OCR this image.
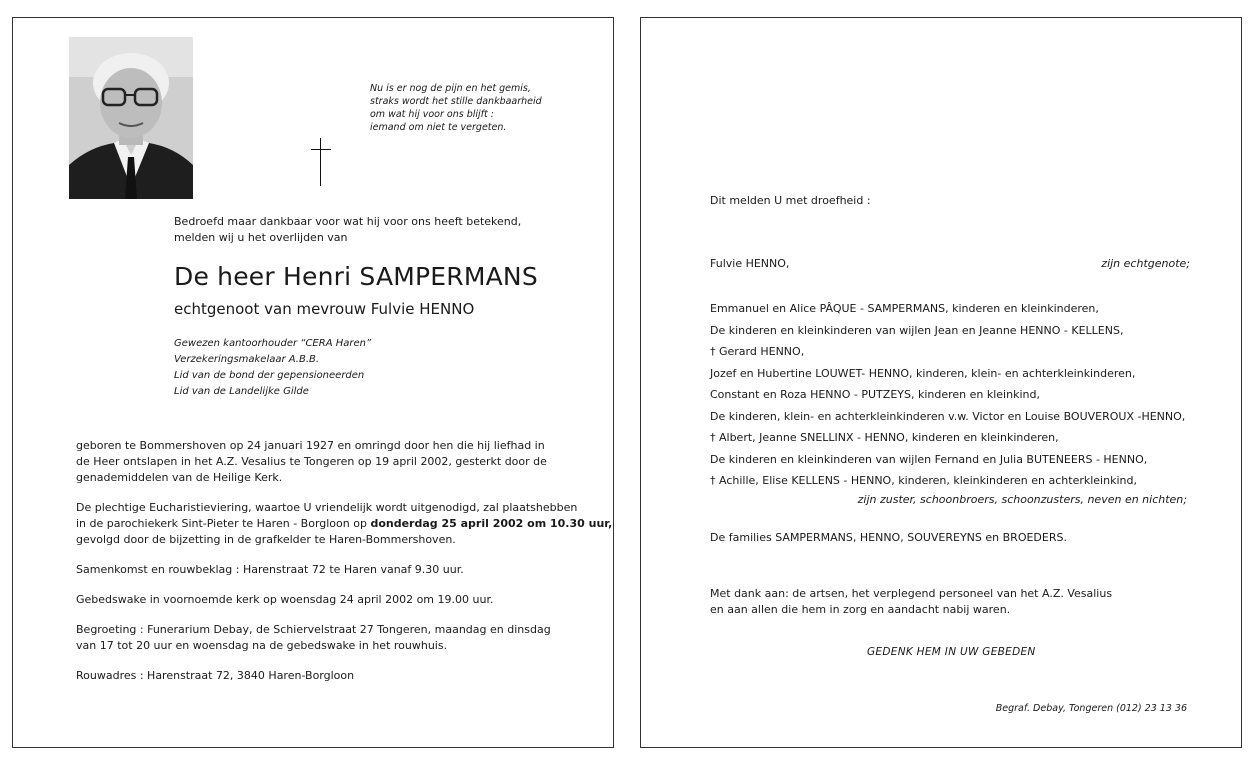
Nu is er nog de pijn en het gemis,
straks wordt het stille dankbaarheid
om wat hij voor ons blijft :
iemand om niet te vergeten.
Bedroefd maar dankbaar voor wat hij voor ons heeft betekend,
melden wij u het overlijden van
De heer Henri SAMPERMANS
echtgenoot van mevrouw Fulvie HENNO
Gewezen kantoorhouder “CERA Haren”
Verzekeringsmakelaar A.B.B.
Lid van de bond der gepensioneerden
Lid van de Landelijke Gilde

geboren te Bommershoven op 24 januari 1927 en omringd door hen die hij liefhad in
de Heer ontslapen in het A.Z. Vesalius te Tongeren op 19 april 2002, gesterkt door de
genademiddelen van de Heilige Kerk.

De plechtige Eucharistieviering, waartoe U vriendelijk wordt uitgenodigd, zal plaatshebben
in de parochiekerk Sint-Pieter te Haren - Borgloon op donderdag 25 april 2002 om 10.30 uur,
gevolgd door de bijzetting in de grafkelder te Haren-Bommershoven.

Samenkomst en rouwbeklag : Harenstraat 72 te Haren vanaf 9.30 uur.

Gebedswake in voornoemde kerk op woensdag 24 april 2002 om 19.00 uur.

Begroeting : Funerarium Debay, de Schiervelstraat 27 Tongeren, maandag en dinsdag
van 17 tot 20 uur en woensdag na de gebedswake in het rouwhuis.

Rouwadres : Harenstraat 72, 3840 Haren-Borgloon

Dit melden U met droefheid :
Fulvie HENNO,	zijn echtgenote;
Emmanuel en Alice PÂQUE - SAMPERMANS, kinderen en kleinkinderen,
De kinderen en kleinkinderen van wijlen Jean en Jeanne HENNO - KELLENS,
† Gerard HENNO,
Jozef en Hubertine LOUWET- HENNO, kinderen, klein- en achterkleinkinderen,
Constant en Roza HENNO - PUTZEYS, kinderen en kleinkind,
De kinderen, klein- en achterkleinkinderen v.w. Victor en Louise BOUVEROUX -HENNO,
† Albert, Jeanne SNELLINX - HENNO, kinderen en kleinkinderen,
De kinderen en kleinkinderen van wijlen Fernand en Julia BUTENEERS - HENNO,
† Achille, Elise KELLENS - HENNO, kinderen, kleinkinderen en achterkleinkind,
zijn zuster, schoonbroers, schoonzusters, neven en nichten;
De families SAMPERMANS, HENNO, SOUVEREYNS en BROEDERS.
Met dank aan: de artsen, het verplegend personeel van het A.Z. Vesalius
en aan allen die hem in zorg en aandacht nabij waren.
GEDENK HEM IN UW GEBEDEN
Begraf. Debay, Tongeren (012) 23 13 36
